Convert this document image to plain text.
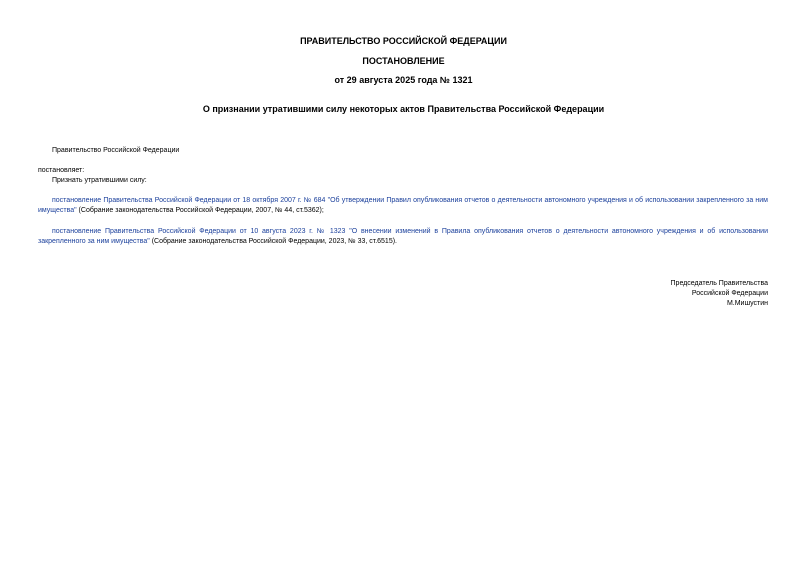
ПРАВИТЕЛЬСТВО РОССИЙСКОЙ ФЕДЕРАЦИИ
ПОСТАНОВЛЕНИЕ
от 29 августа 2025 года № 1321
О признании утратившими силу некоторых актов Правительства Российской Федерации
Правительство Российской Федерации
постановляет:
Признать утратившими силу:
постановление Правительства Российской Федерации от 18 октября 2007 г. № 684 "Об утверждении Правил опубликования отчетов о деятельности автономного учреждения и об использовании закрепленного за ним имущества" (Собрание законодательства Российской Федерации, 2007, № 44, ст.5362);
постановление Правительства Российской Федерации от 10 августа 2023 г. № 1323 "О внесении изменений в Правила опубликования отчетов о деятельности автономного учреждения и об использовании закрепленного за ним имущества" (Собрание законодательства Российской Федерации, 2023, № 33, ст.6515).
Председатель Правительства
Российской Федерации
М.Мишустин
